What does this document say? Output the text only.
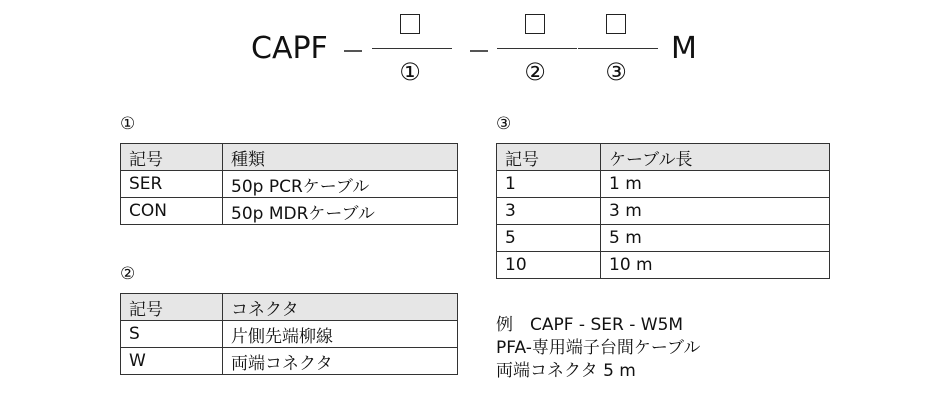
CAPF
①	② ③
M
①
記号	種類
SER	50p PCRケーブル
CON	50p MDRケーブル
②
記号	コネクタ
S	片側先端柳線
W	両端コネクタ
③
記号	ケーブル長
1	1 m
3	3 m
5	5 m
10	10 m
例　CAPF - SER - W5M
PFA-専用端子台間ケーブル
両端コネクタ 5 m
